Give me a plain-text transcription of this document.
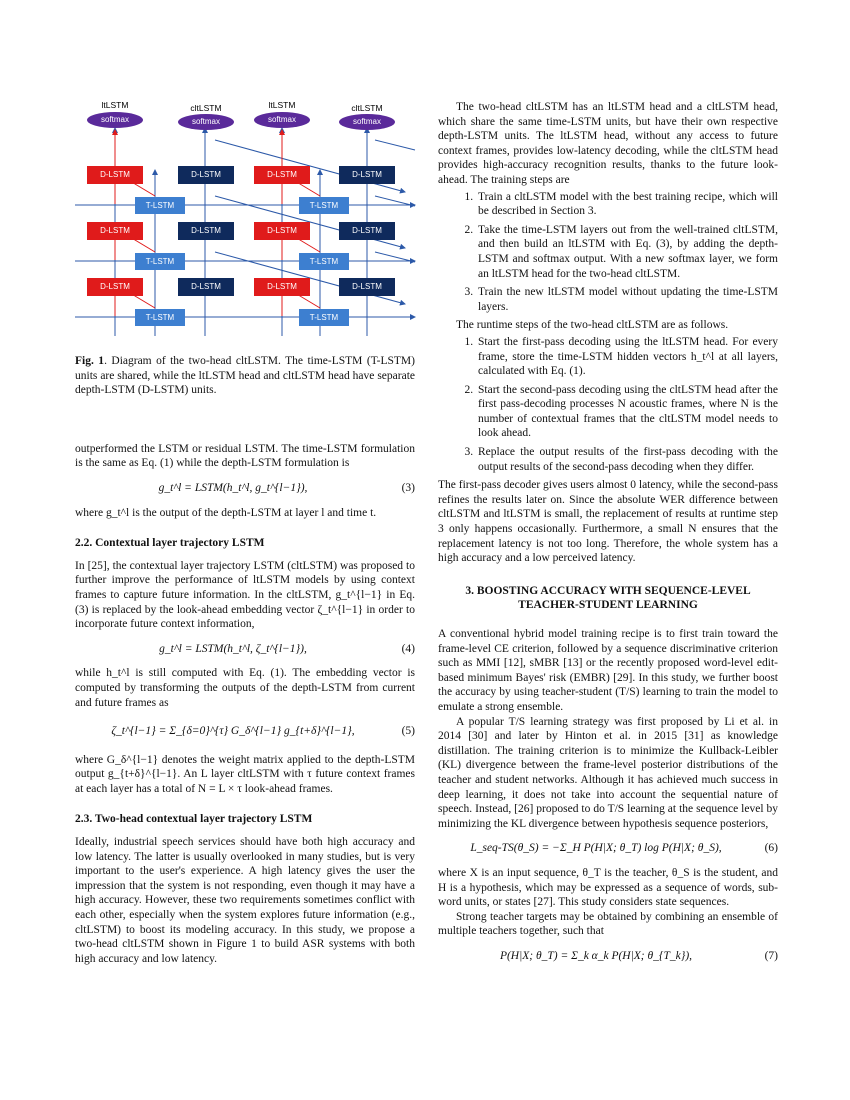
ltLSTM	cltLSTM	ltLSTM	cltLSTM
softmax	softmax	softmax	softmax
D-LSTM	D-LSTM	D-LSTM	D-LSTM
T-LSTM	T-LSTM
D-LSTM	D-LSTM	D-LSTM	D-LSTM
T-LSTM	T-LSTM
D-LSTM	D-LSTM	D-LSTM	D-LSTM
T-LSTM	T-LSTM

Fig. 1. Diagram of the two-head cltLSTM. The time-LSTM (T-LSTM) units are shared, while the ltLSTM head and cltLSTM head have separate depth-LSTM (D-LSTM) units.

outperformed the LSTM or residual LSTM. The time-LSTM formulation is the same as Eq. (1) while the depth-LSTM formulation is

g_t^l = LSTM(h_t^l, g_t^{l−1}),	(3)

where g_t^l is the output of the depth-LSTM at layer l and time t.

2.2. Contextual layer trajectory LSTM

In [25], the contextual layer trajectory LSTM (cltLSTM) was proposed to further improve the performance of ltLSTM models by using context frames to capture future information. In the cltLSTM, g_t^{l−1} in Eq. (3) is replaced by the look-ahead embedding vector ζ_t^{l−1} in order to incorporate future context information,

g_t^l = LSTM(h_t^l, ζ_t^{l−1}),	(4)

while h_t^l is still computed with Eq. (1). The embedding vector is computed by transforming the outputs of the depth-LSTM from current and future frames as

ζ_t^{l−1} = Σ_{δ=0}^{τ} G_δ^{l−1} g_{t+δ}^{l−1},	(5)

where G_δ^{l−1} denotes the weight matrix applied to the depth-LSTM output g_{t+δ}^{l−1}. An L layer cltLSTM with τ future context frames at each layer has a total of N = L × τ look-ahead frames.

2.3. Two-head contextual layer trajectory LSTM

Ideally, industrial speech services should have both high accuracy and low latency. The latter is usually overlooked in many studies, but is very important to the user's experience. A high latency gives the user the impression that the system is not responding, even though it may have a high accuracy. However, these two requirements sometimes conflict with each other, especially when the system explores future information (e.g., cltLSTM) to boost its modeling accuracy. In this study, we propose a two-head cltLSTM shown in Figure 1 to build ASR systems with both high accuracy and low latency.

The two-head cltLSTM has an ltLSTM head and a cltLSTM head, which share the same time-LSTM units, but have their own respective depth-LSTM units. The ltLSTM head, without any access to future context frames, provides low-latency decoding, while the cltLSTM head provides high-accuracy recognition results, thanks to the future look-ahead. The training steps are

1. Train a cltLSTM model with the best training recipe, which will be described in Section 3.
2. Take the time-LSTM layers out from the well-trained cltLSTM, and then build an ltLSTM with Eq. (3), by adding the depth-LSTM and softmax output. With a new softmax layer, we form an ltLSTM head for the two-head cltLSTM.
3. Train the new ltLSTM model without updating the time-LSTM layers.

The runtime steps of the two-head cltLSTM are as follows.

1. Start the first-pass decoding using the ltLSTM head. For every frame, store the time-LSTM hidden vectors h_t^l at all layers, calculated with Eq. (1).
2. Start the second-pass decoding using the cltLSTM head after the first pass-decoding processes N acoustic frames, where N is the number of contextual frames that the cltLSTM model needs to look ahead.
3. Replace the output results of the first-pass decoding with the output results of the second-pass decoding when they differ.

The first-pass decoder gives users almost 0 latency, while the second-pass refines the results later on. Since the absolute WER difference between cltLSTM and ltLSTM is small, the replacement of results at runtime step 3 only happens occasionally. Furthermore, a small N ensures that the replacement latency is not too long. Therefore, the whole system has a high accuracy and a low perceived latency.

3. BOOSTING ACCURACY WITH SEQUENCE-LEVEL
TEACHER-STUDENT LEARNING

A conventional hybrid model training recipe is to first train toward the frame-level CE criterion, followed by a sequence discriminative criterion such as MMI [12], sMBR [13] or the recently proposed word-level edit-based minimum Bayes' risk (EMBR) [29]. In this study, we further boost the accuracy by using teacher-student (T/S) learning to train the model to emulate a strong ensemble.

A popular T/S learning strategy was first proposed by Li et al. in 2014 [30] and later by Hinton et al. in 2015 [31] as knowledge distillation. The training criterion is to minimize the Kullback-Leibler (KL) divergence between the frame-level posterior distributions of the teacher and student networks. Although it has achieved much success in deep learning, it does not take into account the sequential nature of speech. Instead, [26] proposed to do T/S learning at the sequence level by minimizing the KL divergence between hypothesis sequence posteriors,

L_seq-TS(θ_S) = −Σ_H P(H|X; θ_T) log P(H|X; θ_S),	(6)

where X is an input sequence, θ_T is the teacher, θ_S is the student, and H is a hypothesis, which may be expressed as a sequence of words, sub-word units, or states [27]. This study considers state sequences.

Strong teacher targets may be obtained by combining an ensemble of multiple teachers together, such that

P(H|X; θ_T) = Σ_k α_k P(H|X; θ_{T_k}),	(7)
